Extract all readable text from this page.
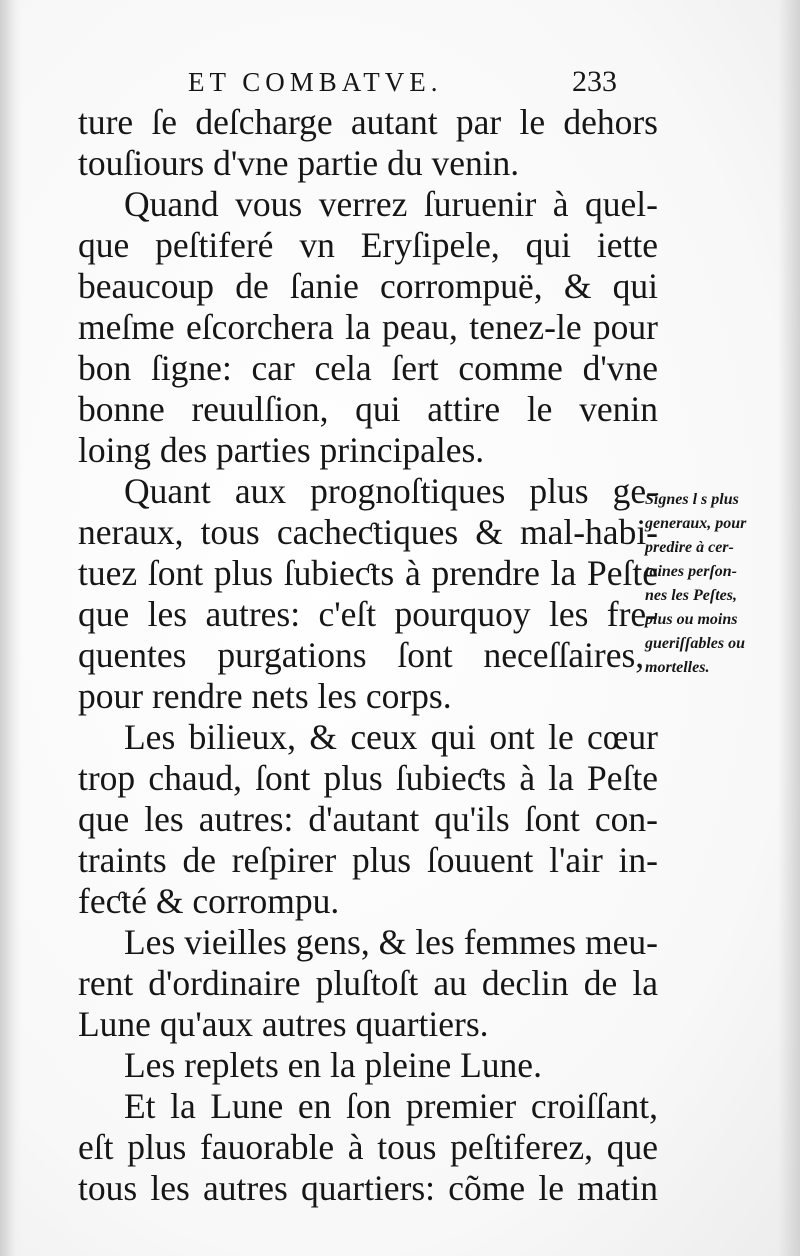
ET COMBATVE.	233
ture ſe deſcharge autant par le dehors
touſiours d'vne partie du venin.
Quand vous verrez ſuruenir à quel-
que peſtiferé vn Eryſipele, qui iette
beaucoup de ſanie corrompuë, & qui
meſme eſcorchera la peau, tenez-le pour
bon ſigne: car cela ſert comme d'vne
bonne reuulſion, qui attire le venin
loing des parties principales.
Quant aux prognoſtiques plus ge-
neraux, tous cacheƈtiques & mal-habi-
tuez ſont plus ſubieƈts à prendre la Peſte
que les autres: c'eſt pourquoy les fre-
quentes purgations ſont neceſſaires,
pour rendre nets les corps.
Les bilieux, & ceux qui ont le cœur
trop chaud, ſont plus ſubieƈts à la Peſte
que les autres: d'autant qu'ils ſont con-
traints de reſpirer plus ſouuent l'air in-
feƈté & corrompu.
Les vieilles gens, & les femmes meu-
rent d'ordinaire pluſtoſt au declin de la
Lune qu'aux autres quartiers.
Les replets en la pleine Lune.
Et la Lune en ſon premier croiſſant,
eſt plus fauorable à tous peſtiferez, que
tous les autres quartiers: cõme le matin
Signes l s plus
generaux, pour
predire à cer-
taines perſon-
nes les Peſtes,
plus ou moins
gueriſſables ou
mortelles.
